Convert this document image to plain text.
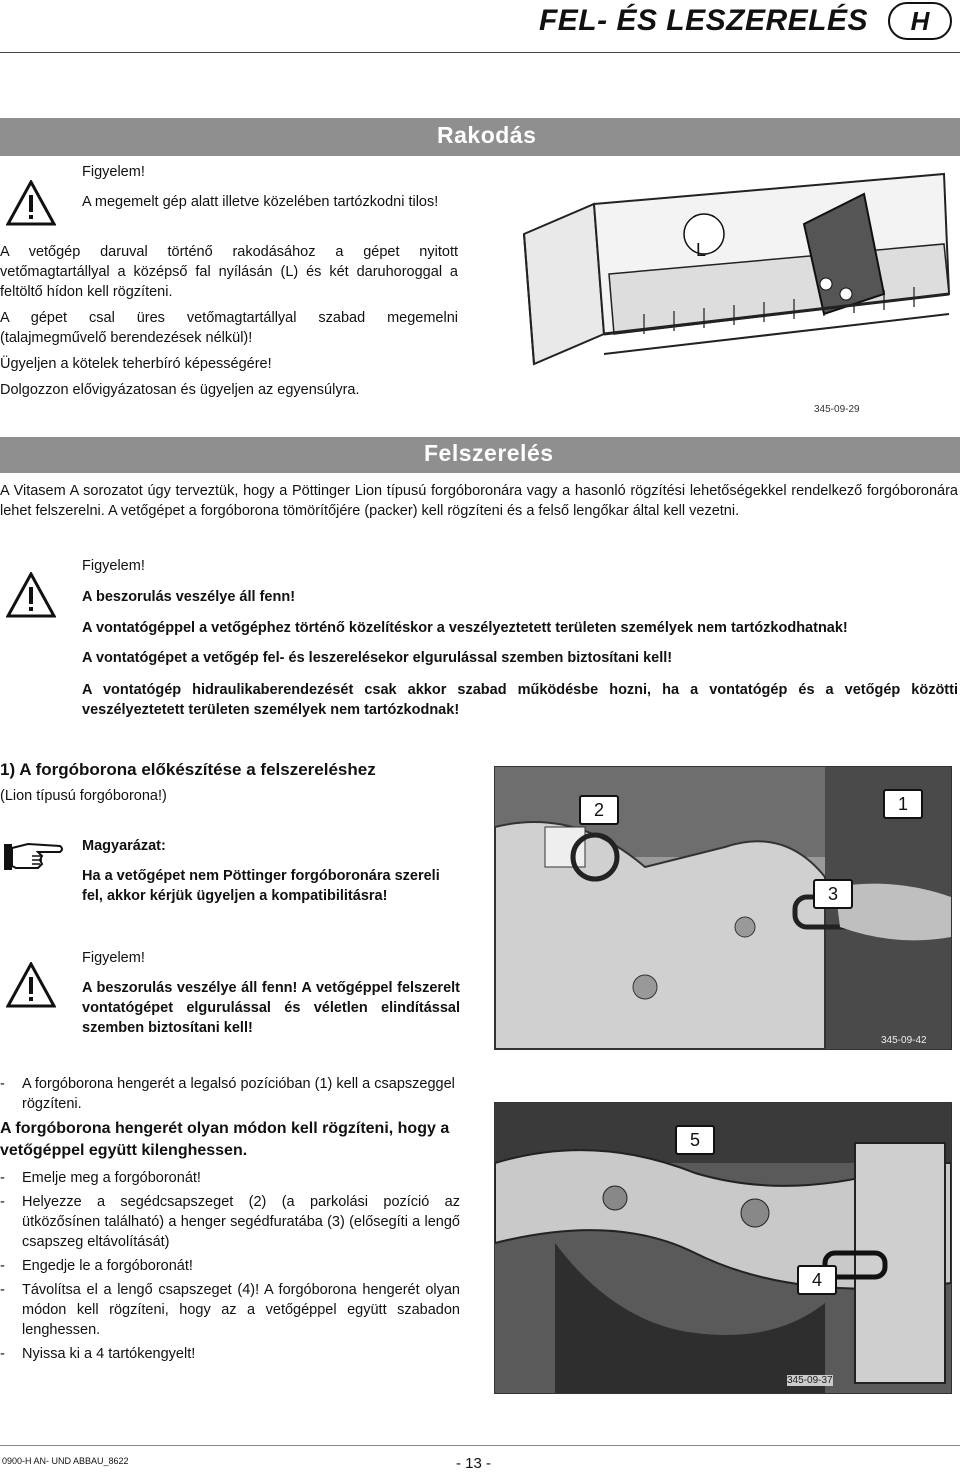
FEL- ÉS LESZERELÉS	H
Rakodás
Figyelem!
A megemelt gép alatt illetve közelében tartózkodni tilos!

A vetőgép daruval történő rakodásához a gépet nyitott vetőmagtartállyal a középső fal nyílásán (L) és két daruhoroggal a feltöltő hídon kell rögzíteni.

A gépet csal üres vetőmagtartállyal szabad megemelni (talajmegművelő berendezések nélkül)!

Ügyeljen a kötelek teherbíró képességére!

Dolgozzon elővigyázatosan és ügyeljen az egyensúlyra.

L
345-09-29
Felszerelés
A Vitasem A sorozatot úgy terveztük, hogy a Pöttinger Lion típusú forgóboronára vagy a hasonló rögzítési lehetőségekkel rendelkező forgóboronára lehet felszerelni. A vetőgépet a forgóborona tömörítőjére (packer) kell rögzíteni és a felső lengőkar által kell vezetni.
Figyelem!
A beszorulás veszélye áll fenn!
A vontatógéppel a vetőgéphez történő közelítéskor a veszélyeztetett területen személyek nem tartózkodhatnak!
A vontatógépet a vetőgép fel- és leszerelésekor elgurulással szemben biztosítani kell!
A vontatógép hidraulikaberendezését csak akkor szabad működésbe hozni, ha a vontatógép és a vetőgép közötti veszélyeztetett területen személyek nem tartózkodnak!
1) A forgóborona előkészítése a felszereléshez
(Lion típusú forgóborona!)
Magyarázat:
Ha a vetőgépet nem Pöttinger forgóboronára szereli fel, akkor kérjük ügyeljen a kompatibilitásra!
Figyelem!
A beszorulás veszélye áll fenn! A vetőgéppel felszerelt vontatógépet elgurulással és véletlen elindítással szemben biztosítani kell!
- A forgóborona hengerét a legalsó pozícióban (1) kell a csapszeggel rögzíteni.
A forgóborona hengerét olyan módon kell rögzíteni, hogy a vetőgéppel együtt kilenghessen.
- Emelje meg a forgóboronát!
- Helyezze a segédcsapszeget (2) (a parkolási pozíció az ütközősínen található) a henger segédfuratába (3) (elősegíti a lengő csapszeg eltávolítását)
- Engedje le a forgóboronát!
- Távolítsa el a lengő csapszeget (4)! A forgóborona hengerét olyan módon kell rögzíteni, hogy az a vetőgéppel együtt szabadon lenghessen.
- Nyissa ki a 4 tartókengyelt!
2	1
3
345-09-42
5
4
345-09-37
0900-H AN- UND ABBAU_8622	- 13 -
